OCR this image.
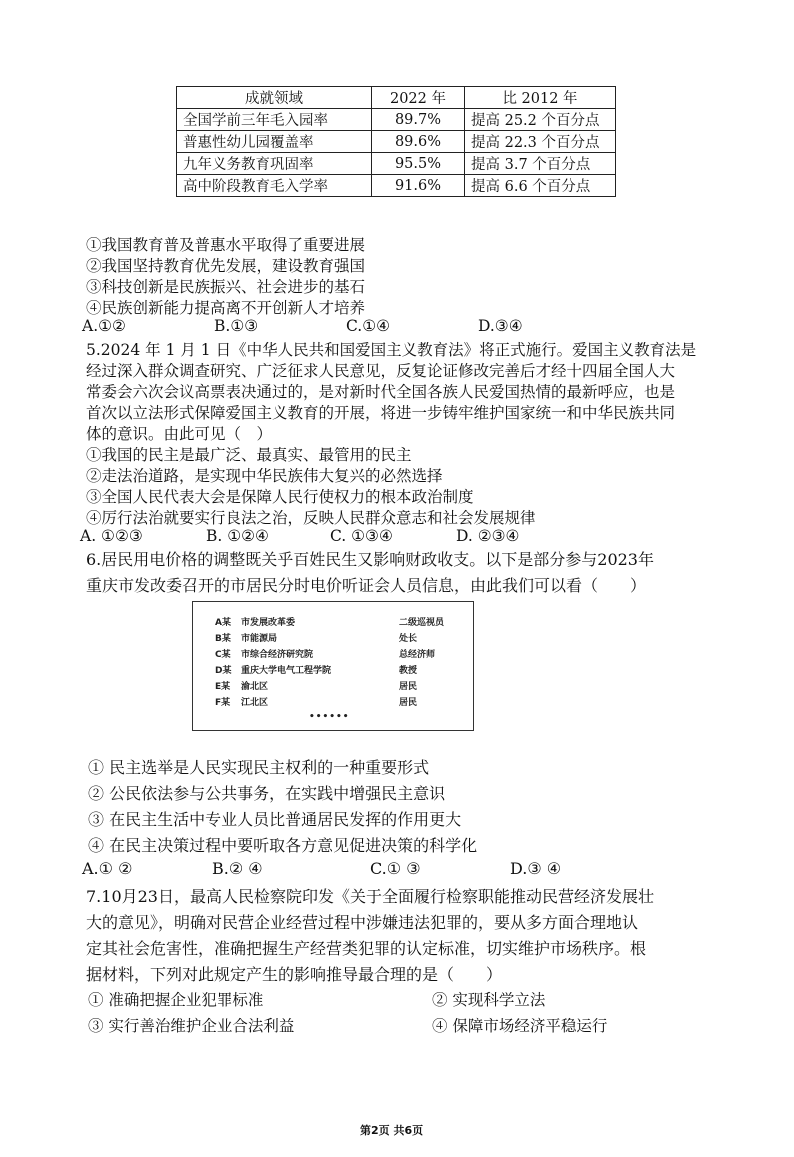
成就领域	2022 年	比 2012 年
全国学前三年毛入园率	89.7%	提高 25.2 个百分点
普惠性幼儿园覆盖率	89.6%	提高 22.3 个百分点
九年义务教育巩固率	95.5%	提高 3.7 个百分点
高中阶段教育毛入学率	91.6%	提高 6.6 个百分点
①我国教育普及普惠水平取得了重要进展
②我国坚持教育优先发展，建设教育强国
③科技创新是民族振兴、社会进步的基石
④民族创新能力提高离不开创新人才培养
A.①②	B.①③	C.①④	D.③④
5.2024 年 1 月 1 日《中华人民共和国爱国主义教育法》将正式施行。爱国主义教育法是
经过深入群众调查研究、广泛征求人民意见，反复论证修改完善后才经十四届全国人大
常委会六次会议高票表决通过的，是对新时代全国各族人民爱国热情的最新呼应，也是
首次以立法形式保障爱国主义教育的开展，将进一步铸牢维护国家统一和中华民族共同
体的意识。由此可见（　）
①我国的民主是最广泛、最真实、最管用的民主
②走法治道路，是实现中华民族伟大复兴的必然选择
③全国人民代表大会是保障人民行使权力的根本政治制度
④厉行法治就要实行良法之治，反映人民群众意志和社会发展规律
A. ①②③	B. ①②④	C. ①③④	D. ②③④
6.居民用电价格的调整既关乎百姓民生又影响财政收支。以下是部分参与2023年
重庆市发改委召开的市居民分时电价听证会人员信息，由此我们可以看（　　）
A某 市发展改革委	二级巡视员
B某 市能源局	处长
C某 市综合经济研究院	总经济师
D某 重庆大学电气工程学院	教授
E某 渝北区	居民
F某 江北区	居民
••••••
① 民主选举是人民实现民主权利的一种重要形式
② 公民依法参与公共事务，在实践中增强民主意识
③ 在民主生活中专业人员比普通居民发挥的作用更大
④ 在民主决策过程中要听取各方意见促进决策的科学化
A.① ②	B.② ④	C.① ③	D.③ ④
7.10月23日，最高人民检察院印发《关于全面履行检察职能推动民营经济发展壮
大的意见》，明确对民营企业经营过程中涉嫌违法犯罪的，要从多方面合理地认
定其社会危害性，准确把握生产经营类犯罪的认定标准，切实维护市场秩序。根
据材料，下列对此规定产生的影响推导最合理的是（　　）
① 准确把握企业犯罪标准	② 实现科学立法
③ 实行善治维护企业合法利益	④ 保障市场经济平稳运行
第2页 共6页
